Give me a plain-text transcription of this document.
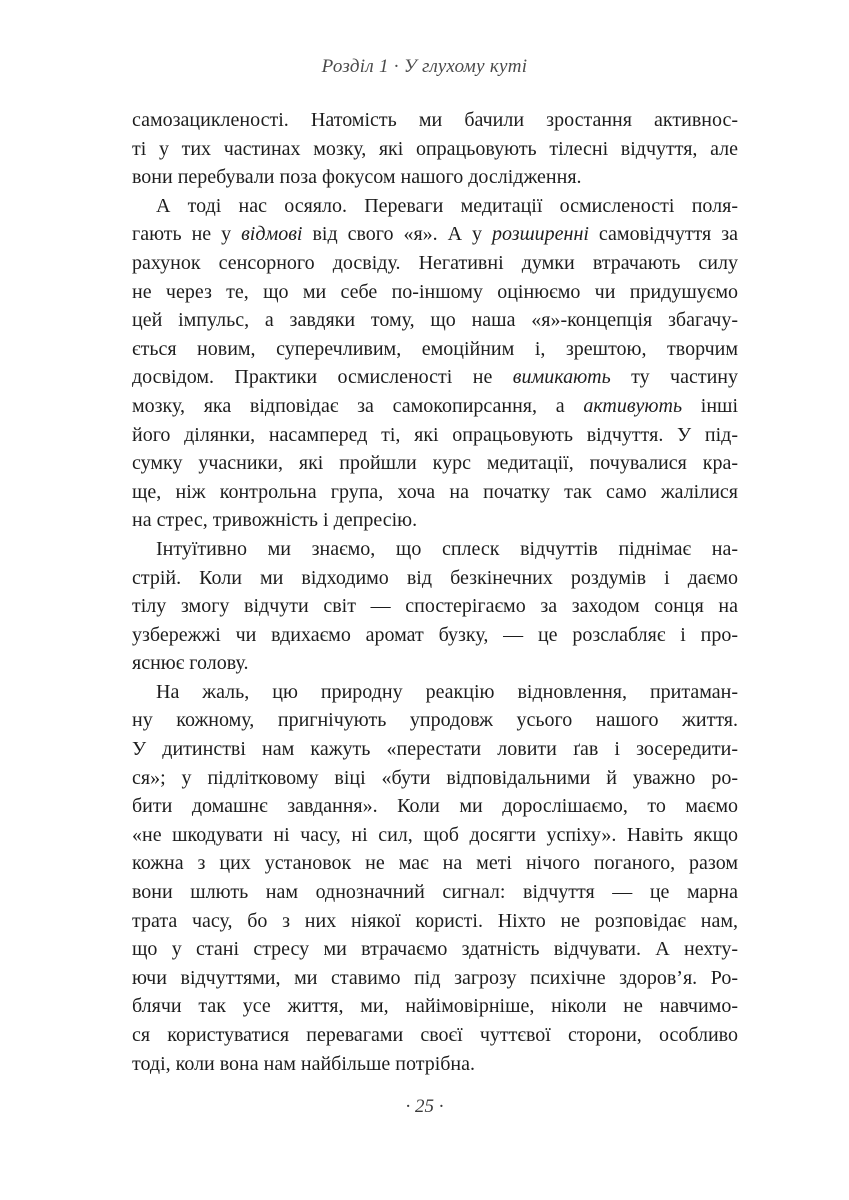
Розділ 1 · У глухому куті
самозацикленості. Натомість ми бачили зростання активнос-
ті у тих частинах мозку, які опрацьовують тілесні відчуття, але
вони перебували поза фокусом нашого дослідження.
А тоді нас осяяло. Переваги медитації осмисленості поля-
гають не у відмові від свого «я». А у розширенні самовідчуття за
рахунок сенсорного досвіду. Негативні думки втрачають силу
не через те, що ми себе по-іншому оцінюємо чи придушуємо
цей імпульс, а завдяки тому, що наша «я»-концепція збагачу-
ється новим, суперечливим, емоційним і, зрештою, творчим
досвідом. Практики осмисленості не вимикають ту частину
мозку, яка відповідає за самокопирсання, а активують інші
його ділянки, насамперед ті, які опрацьовують відчуття. У під-
сумку учасники, які пройшли курс медитації, почувалися кра-
ще, ніж контрольна група, хоча на початку так само жалілися
на стрес, тривожність і депресію.
Інтуїтивно ми знаємо, що сплеск відчуттів піднімає на-
стрій. Коли ми відходимо від безкінечних роздумів і даємо
тілу змогу відчути світ — спостерігаємо за заходом сонця на
узбережжі чи вдихаємо аромат бузку, — це розслабляє і про-
яснює голову.
На жаль, цю природну реакцію відновлення, притаман-
ну кожному, пригнічують упродовж усього нашого життя.
У дитинстві нам кажуть «перестати ловити ґав і зосередити-
ся»; у підлітковому віці «бути відповідальними й уважно ро-
бити домашнє завдання». Коли ми дорослішаємо, то маємо
«не шкодувати ні часу, ні сил, щоб досягти успіху». Навіть якщо
кожна з цих установок не має на меті нічого поганого, разом
вони шлють нам однозначний сигнал: відчуття — це марна
трата часу, бо з них ніякої користі. Ніхто не розповідає нам,
що у стані стресу ми втрачаємо здатність відчувати. А нехту-
ючи відчуттями, ми ставимо під загрозу психічне здоров’я. Ро-
блячи так усе життя, ми, найімовірніше, ніколи не навчимо-
ся користуватися перевагами своєї чуттєвої сторони, особливо
тоді, коли вона нам найбільше потрібна.
· 25 ·
